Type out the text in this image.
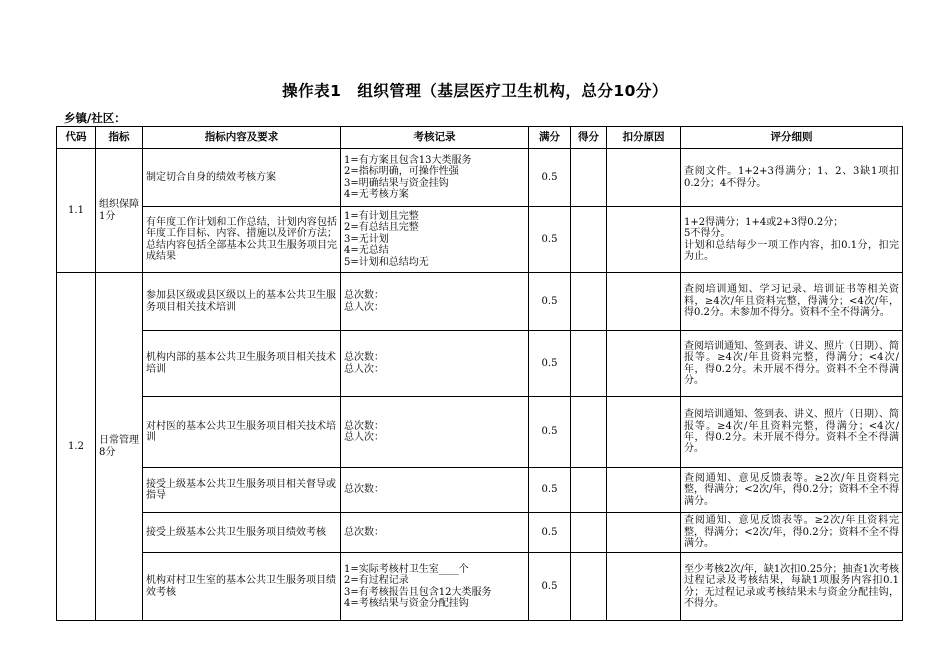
操作表1　组织管理（基层医疗卫生机构，总分10分）
乡镇/社区：
代码	指标	指标内容及要求	考核记录	满分	得分	扣分原因	评分细则
1.1	组织保障1分	制定切合自身的绩效考核方案	1=有方案且包含13大类服务
2=指标明确，可操作性强
3=明确结果与资金挂钩
4=无考核方案	0.5			查阅文件。1+2+3得满分；1、2、3缺1项扣0.2分；4不得分。
		有年度工作计划和工作总结，计划内容包括年度工作目标、内容、措施以及评价方法；总结内容包括全部基本公共卫生服务项目完成结果	1=有计划且完整
2=有总结且完整
3=无计划
4=无总结
5=计划和总结均无	0.5			1+2得满分；1+4或2+3得0.2分；
5不得分。
计划和总结每少一项工作内容，扣0.1分，扣完为止。
1.2	日常管理8分	参加县区级或县区级以上的基本公共卫生服务项目相关技术培训	总次数：
总人次：	0.5			查阅培训通知、学习记录、培训证书等相关资料，≥4次/年且资料完整，得满分；<4次/年，得0.2分。未参加不得分。资料不全不得满分。
		机构内部的基本公共卫生服务项目相关技术培训	总次数：
总人次：	0.5			查阅培训通知、签到表、讲义、照片（日期）、简报等。≥4次/年且资料完整，得满分；<4次/年，得0.2分。未开展不得分。资料不全不得满分。
		对村医的基本公共卫生服务项目相关技术培训	总次数：
总人次：	0.5			查阅培训通知、签到表、讲义、照片（日期）、简报等。≥4次/年且资料完整，得满分；<4次/年，得0.2分。未开展不得分。资料不全不得满分。
		接受上级基本公共卫生服务项目相关督导或指导	总次数：	0.5			查阅通知、意见反馈表等。≥2次/年且资料完整，得满分；<2次/年，得0.2分；资料不全不得满分。
		接受上级基本公共卫生服务项目绩效考核	总次数：	0.5			查阅通知、意见反馈表等。≥2次/年且资料完整，得满分；<2次/年，得0.2分；资料不全不得满分。
		机构对村卫生室的基本公共卫生服务项目绩效考核	1=实际考核村卫生室____个
2=有过程记录
3=有考核报告且包含12大类服务
4=考核结果与资金分配挂钩	0.5			至少考核2次/年，缺1次扣0.25分；抽查1次考核过程记录及考核结果，每缺1项服务内容扣0.1分；无过程记录或考核结果未与资金分配挂钩，不得分。
